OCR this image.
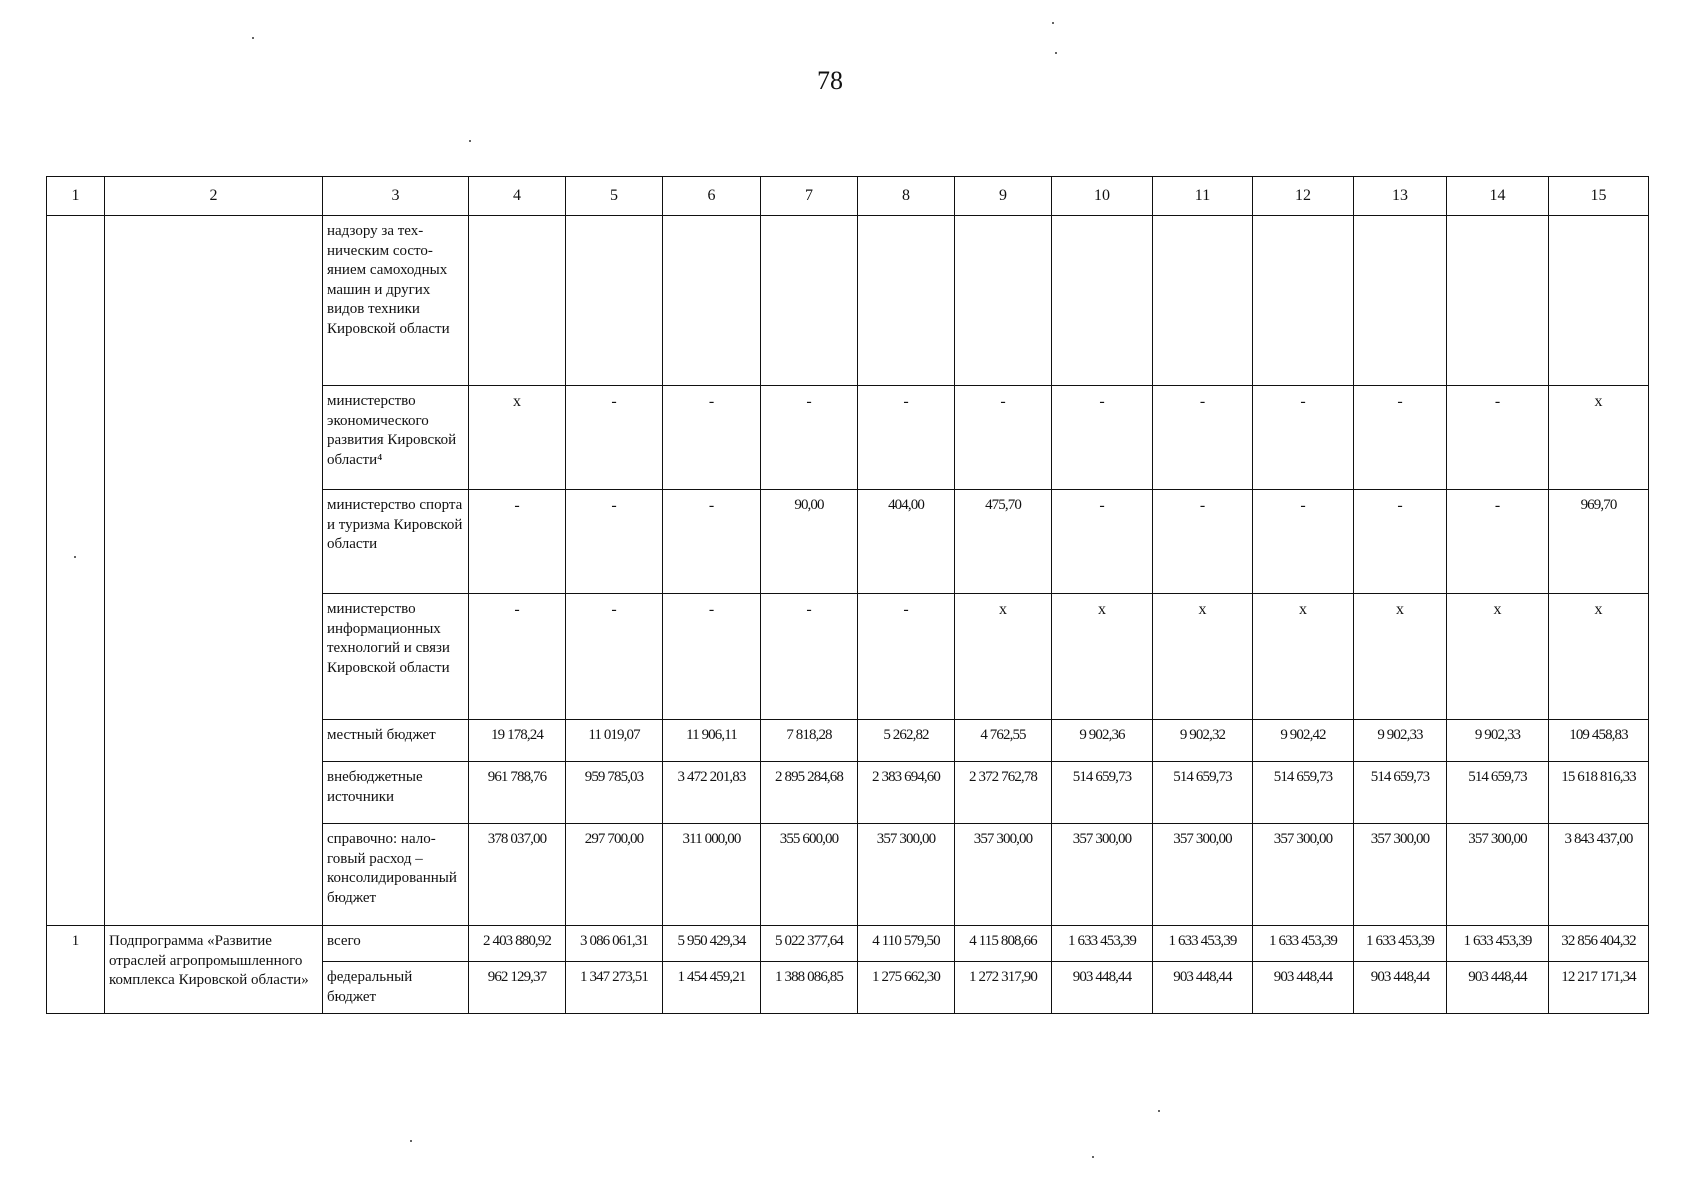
78
1	2	3	4	5	6	7	8	9	10	11	12	13	14	15
		надзору за техническим состоянием самоходных машин и других видов техники Кировской области												
		министерство экономического развития Кировской области⁴	x	-	-	-	-	-	-	-	-	-	-	x
		министерство спорта и туризма Кировской области	-	-	-	90,00	404,00	475,70	-	-	-	-	-	969,70
		министерство информационных технологий и связи Кировской области	-	-	-	-	-	x	x	x	x	x	x	x
		местный бюджет	19 178,24	11 019,07	11 906,11	7 818,28	5 262,82	4 762,55	9 902,36	9 902,32	9 902,42	9 902,33	9 902,33	109 458,83
		внебюджетные источники	961 788,76	959 785,03	3 472 201,83	2 895 284,68	2 383 694,60	2 372 762,78	514 659,73	514 659,73	514 659,73	514 659,73	514 659,73	15 618 816,33
		справочно: налоговый расход – консолидированный бюджет	378 037,00	297 700,00	311 000,00	355 600,00	357 300,00	357 300,00	357 300,00	357 300,00	357 300,00	357 300,00	357 300,00	3 843 437,00
1	Подпрограмма «Развитие отраслей агропромышленного комплекса Кировской области»	всего	2 403 880,92	3 086 061,31	5 950 429,34	5 022 377,64	4 110 579,50	4 115 808,66	1 633 453,39	1 633 453,39	1 633 453,39	1 633 453,39	1 633 453,39	32 856 404,32
		федеральный бюджет	962 129,37	1 347 273,51	1 454 459,21	1 388 086,85	1 275 662,30	1 272 317,90	903 448,44	903 448,44	903 448,44	903 448,44	903 448,44	12 217 171,34
